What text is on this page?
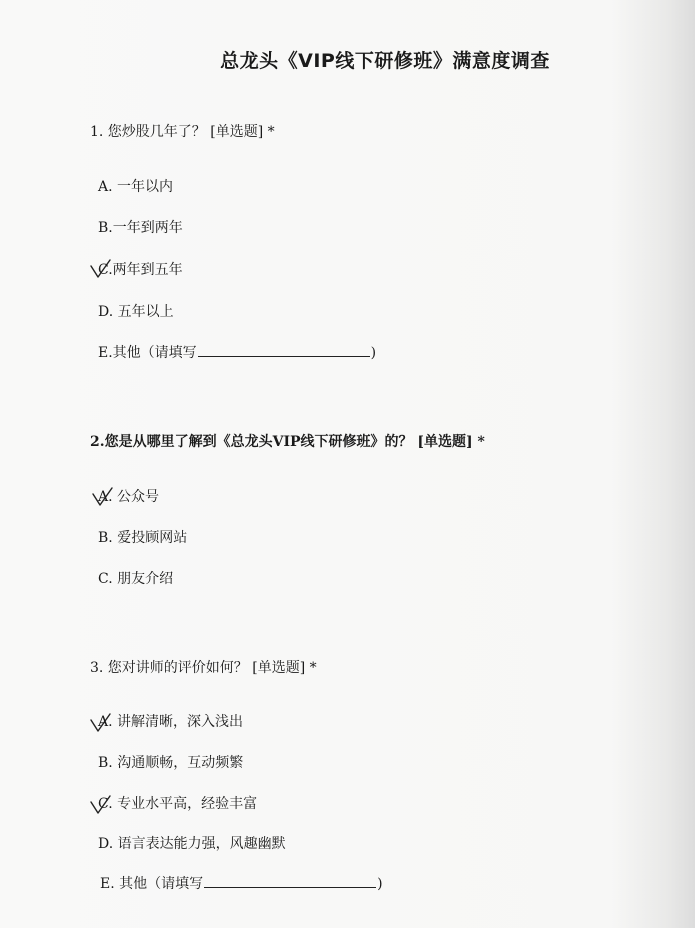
总龙头《VIP线下研修班》满意度调查
1. 您炒股几年了？ [单选题] *
A. 一年以内
B.一年到两年
C.两年到五年
D. 五年以上
E.其他（请填写	)
2.您是从哪里了解到《总龙头VIP线下研修班》的？ [单选题] *
A. 公众号
B. 爱投顾网站
C. 朋友介绍
3. 您对讲师的评价如何？ [单选题] *
A. 讲解清晰，深入浅出
B. 沟通顺畅，互动频繁
C. 专业水平高，经验丰富
D. 语言表达能力强，风趣幽默
E. 其他（请填写	)
